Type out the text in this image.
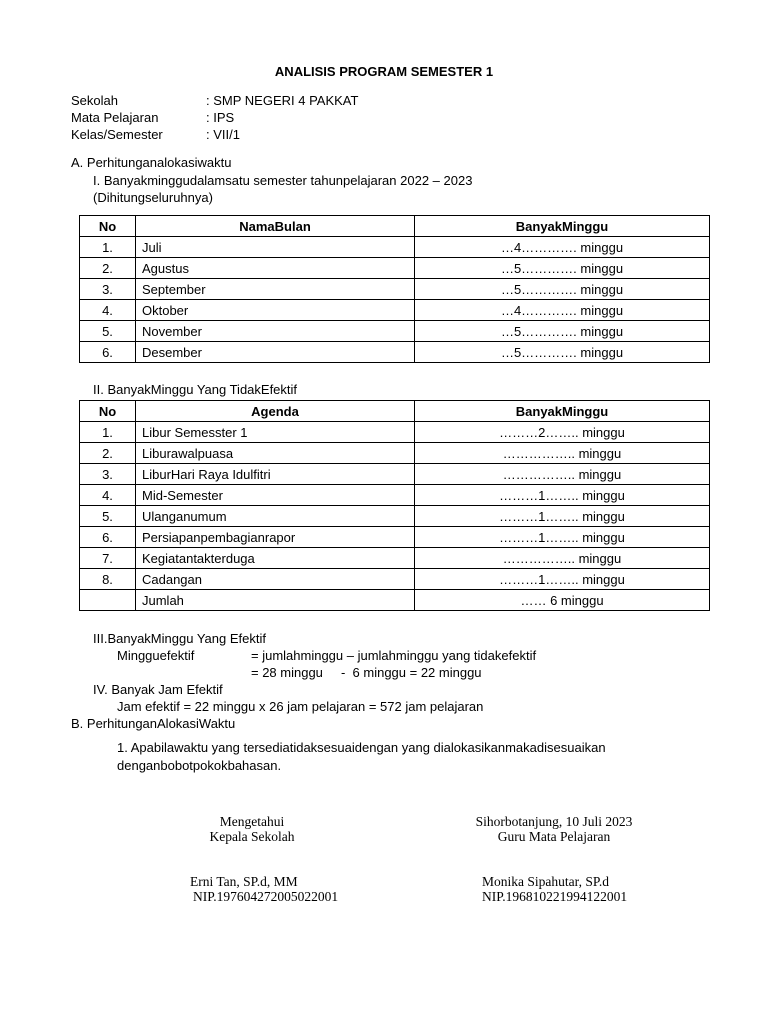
ANALISIS PROGRAM SEMESTER 1
Sekolah	: SMP NEGERI 4 PAKKAT
Mata Pelajaran	: IPS
Kelas/Semester	: VII/1
A. Perhitunganalokasiwaktu
I. Banyakminggudalamsatu semester tahunpelajaran 2022 – 2023
(Dihitungseluruhnya)
No	NamaBulan	BanyakMinggu
1.	Juli	…4…………. minggu
2.	Agustus	…5…………. minggu
3.	September	…5…………. minggu
4.	Oktober	…4…………. minggu
5.	November	…5…………. minggu
6.	Desember	…5…………. minggu
II. BanyakMinggu Yang TidakEfektif
No	Agenda	BanyakMinggu
1.	Libur Semesster 1	………2…….. minggu
2.	Liburawalpuasa	…………….. minggu
3.	LiburHari Raya Idulfitri	…………….. minggu
4.	Mid-Semester	………1…….. minggu
5.	Ulanganumum	………1…….. minggu
6.	Persiapanpembagianrapor	………1…….. minggu
7.	Kegiatantakterduga	…………….. minggu
8.	Cadangan	………1…….. minggu
	Jumlah	…… 6 minggu
III.BanyakMinggu Yang Efektif
Mingguefektif	= jumlahminggu – jumlahminggu yang tidakefektif
= 28 minggu     -  6 minggu = 22 minggu
IV. Banyak Jam Efektif
Jam efektif = 22 minggu x 26 jam pelajaran = 572 jam pelajaran
B. PerhitunganAlokasiWaktu
1. Apabilawaktu yang tersediatidaksesuaidengan yang dialokasikanmakadisesuaikan
denganbobotpokokbahasan.
Mengetahui
Kepala Sekolah
Erni Tan, SP.d, MM
NIP.197604272005022001
Sihorbotanjung, 10 Juli 2023
Guru Mata Pelajaran
Monika Sipahutar, SP.d
NIP.196810221994122001
